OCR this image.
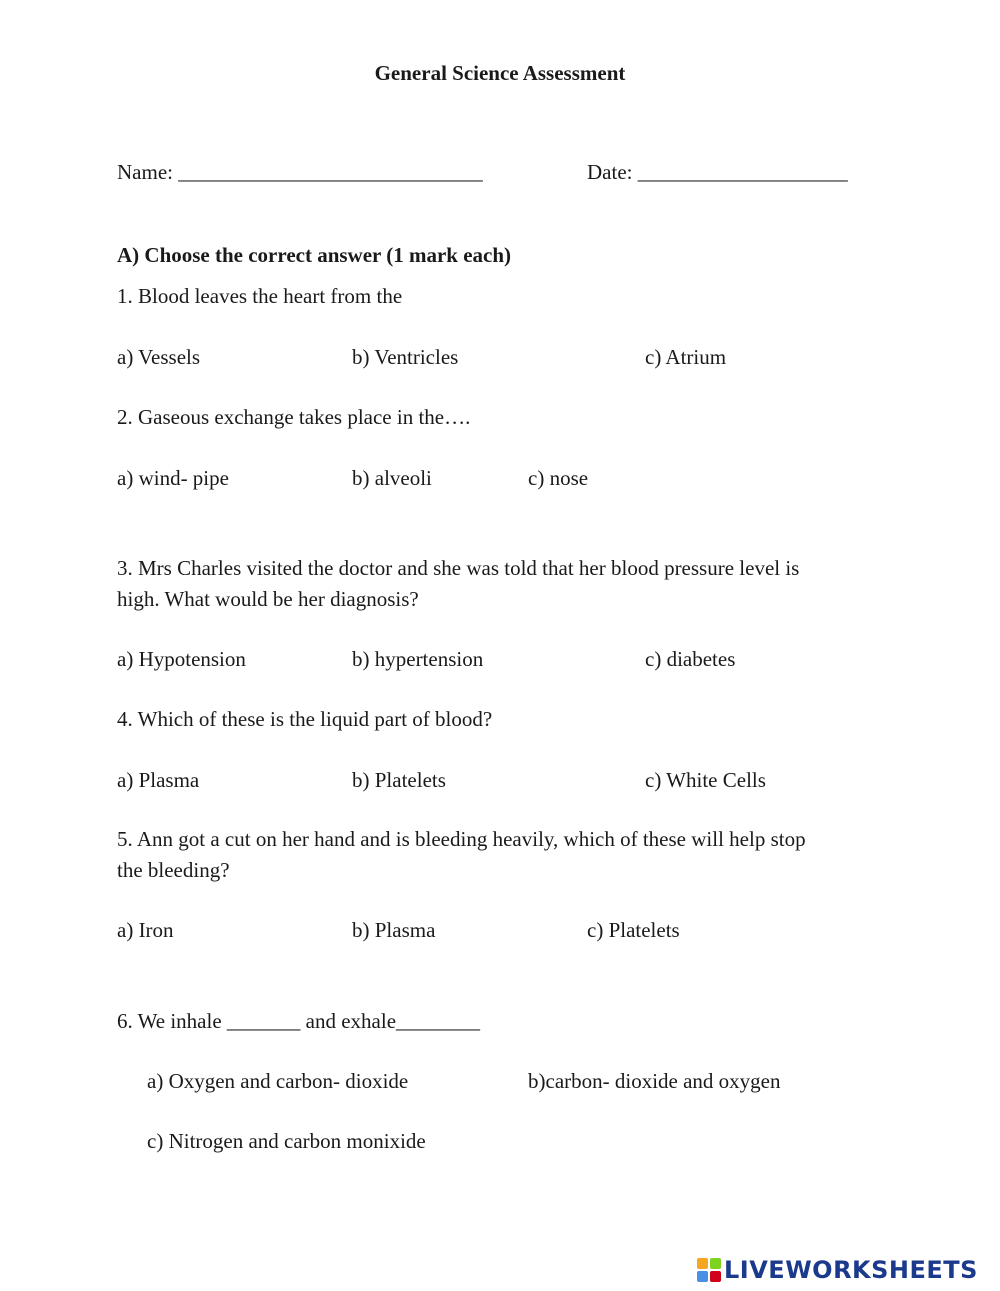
General Science Assessment
Name: _____________________________	Date: ____________________
A) Choose the correct answer (1 mark each)
1. Blood leaves the heart from the
a) Vessels	b) Ventricles	c) Atrium
2. Gaseous exchange takes place in the….
a) wind- pipe	b) alveoli	c) nose
3. Mrs Charles visited the doctor and she was told that her blood pressure level is
high. What would be her diagnosis?
a) Hypotension	b) hypertension	c) diabetes
4. Which of these is the liquid part of blood?
a) Plasma	b) Platelets	c) White Cells
5. Ann got a cut on her hand and is bleeding heavily, which of these will help stop
the bleeding?
a) Iron	b) Plasma	c) Platelets
6. We inhale _______ and exhale________
a) Oxygen and carbon- dioxide	b)carbon- dioxide and oxygen
c) Nitrogen and carbon monixide
LIVEWORKSHEETS
